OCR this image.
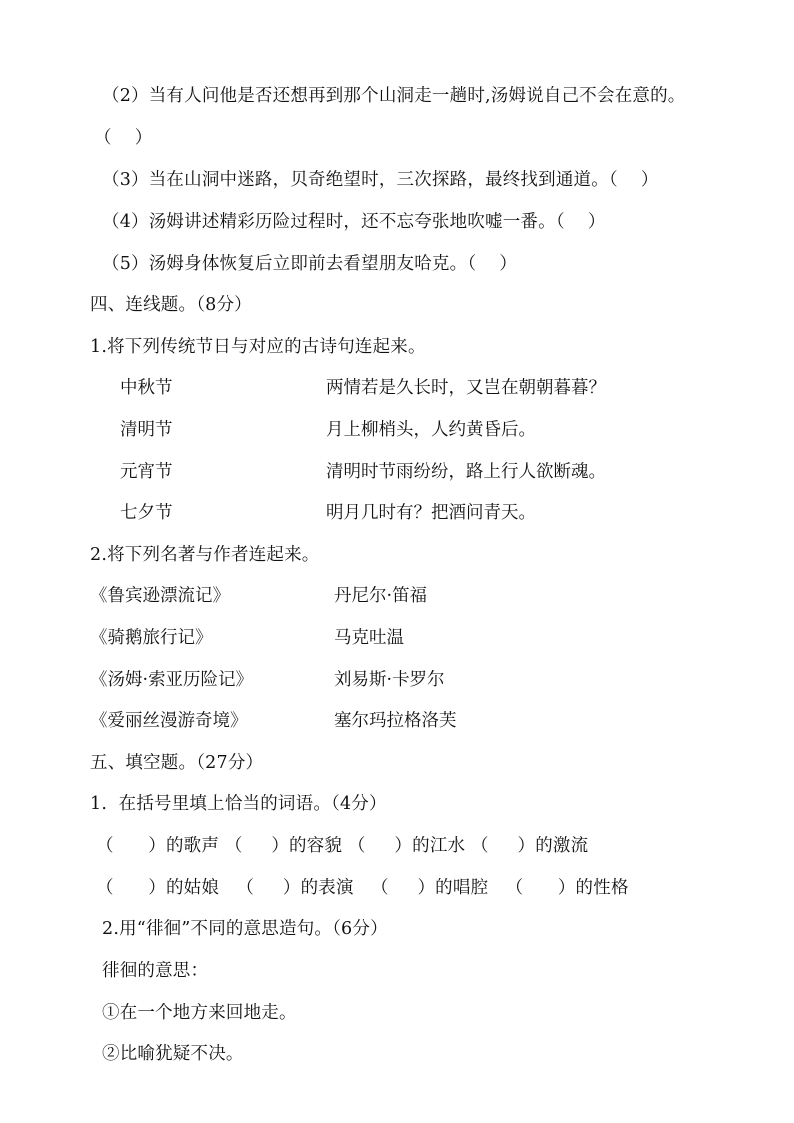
（2）当有人问他是否还想再到那个山洞走一趟时,汤姆说自己不会在意的。
（    ）
（3）当在山洞中迷路，贝奇绝望时，三次探路，最终找到通道。（    ）
（4）汤姆讲述精彩历险过程时，还不忘夸张地吹嘘一番。（    ）
（5）汤姆身体恢复后立即前去看望朋友哈克。（    ）
四、连线题。（8分）
1.将下列传统节日与对应的古诗句连起来。
中秋节	两情若是久长时，又岂在朝朝暮暮？
清明节	月上柳梢头，人约黄昏后。
元宵节	清明时节雨纷纷，路上行人欲断魂。
七夕节	明月几时有？把酒问青天。
2.将下列名著与作者连起来。
《鲁宾逊漂流记》	丹尼尔·笛福
《骑鹅旅行记》	马克吐温
《汤姆·索亚历险记》	刘易斯·卡罗尔
《爱丽丝漫游奇境》	塞尔玛拉格洛芙
五、填空题。（27分）
1.  在括号里填上恰当的词语。（4分）
（      ）的歌声 （     ）的容貌 （     ）的江水 （     ）的激流
（      ）的姑娘   （     ）的表演   （     ）的唱腔   （      ）的性格
2.用“徘徊”不同的意思造句。（6分）
徘徊的意思：
①在一个地方来回地走。
②比喻犹疑不决。
